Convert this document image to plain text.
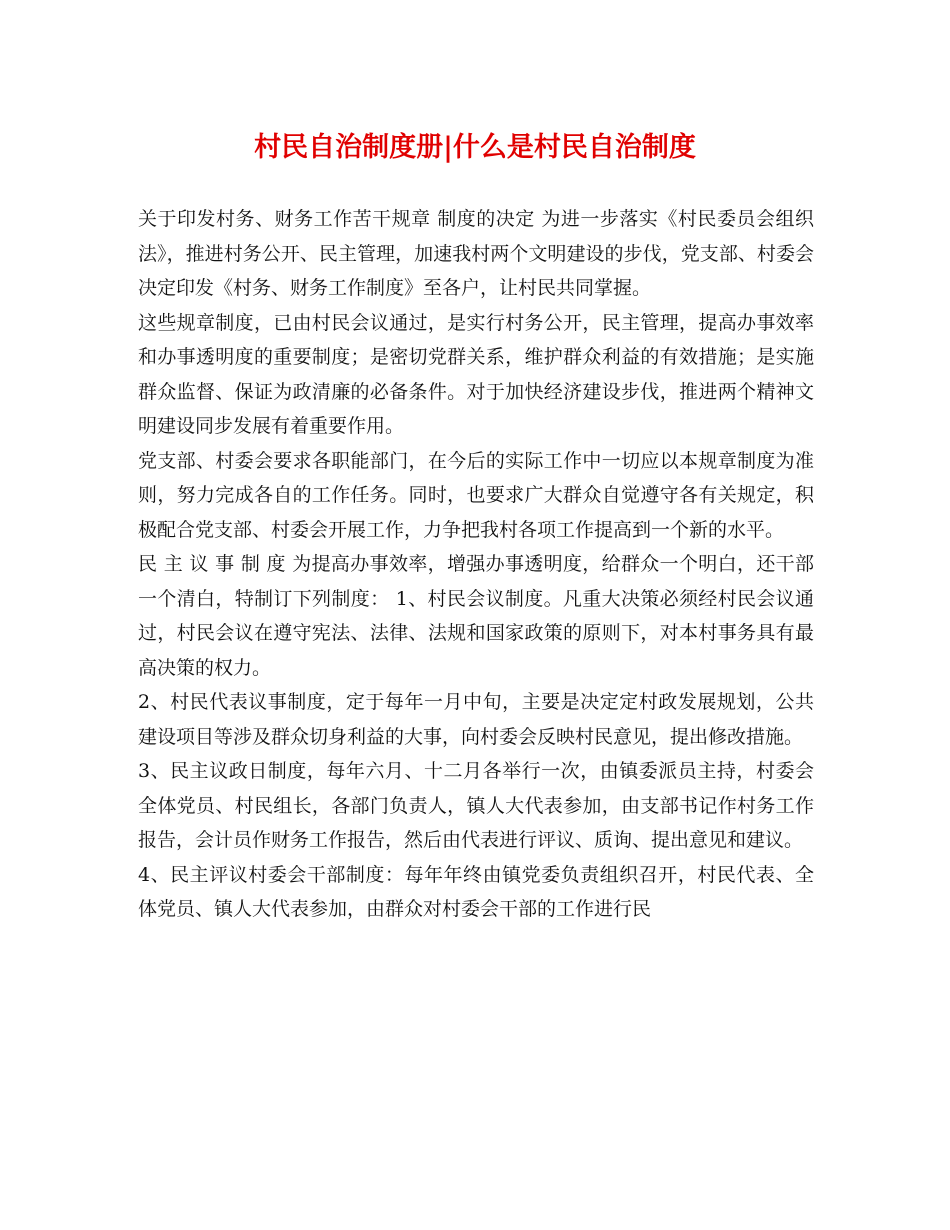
村民自治制度册|什么是村民自治制度

关于印发村务、财务工作苦干规章 制度的决定 为进一步落实《村民委员会组织法》，推进村务公开、民主管理，加速我村两个文明建设的步伐，党支部、村委会决定印发《村务、财务工作制度》至各户，让村民共同掌握。

这些规章制度，已由村民会议通过，是实行村务公开，民主管理，提高办事效率和办事透明度的重要制度；是密切党群关系，维护群众利益的有效措施；是实施群众监督、保证为政清廉的必备条件。对于加快经济建设步伐，推进两个精神文明建设同步发展有着重要作用。

党支部、村委会要求各职能部门，在今后的实际工作中一切应以本规章制度为准则，努力完成各自的工作任务。同时，也要求广大群众自觉遵守各有关规定，积极配合党支部、村委会开展工作，力争把我村各项工作提高到一个新的水平。

民 主 议 事 制 度 为提高办事效率，增强办事透明度，给群众一个明白，还干部一个清白，特制订下列制度： 1、村民会议制度。凡重大决策必须经村民会议通过，村民会议在遵守宪法、法律、法规和国家政策的原则下，对本村事务具有最高决策的权力。

2、村民代表议事制度，定于每年一月中旬，主要是决定定村政发展规划，公共建设项目等涉及群众切身利益的大事，向村委会反映村民意见，提出修改措施。

3、民主议政日制度，每年六月、十二月各举行一次，由镇委派员主持，村委会全体党员、村民组长，各部门负责人，镇人大代表参加，由支部书记作村务工作报告，会计员作财务工作报告，然后由代表进行评议、质询、提出意见和建议。

4、民主评议村委会干部制度：每年年终由镇党委负责组织召开，村民代表、全体党员、镇人大代表参加，由群众对村委会干部的工作进行民
